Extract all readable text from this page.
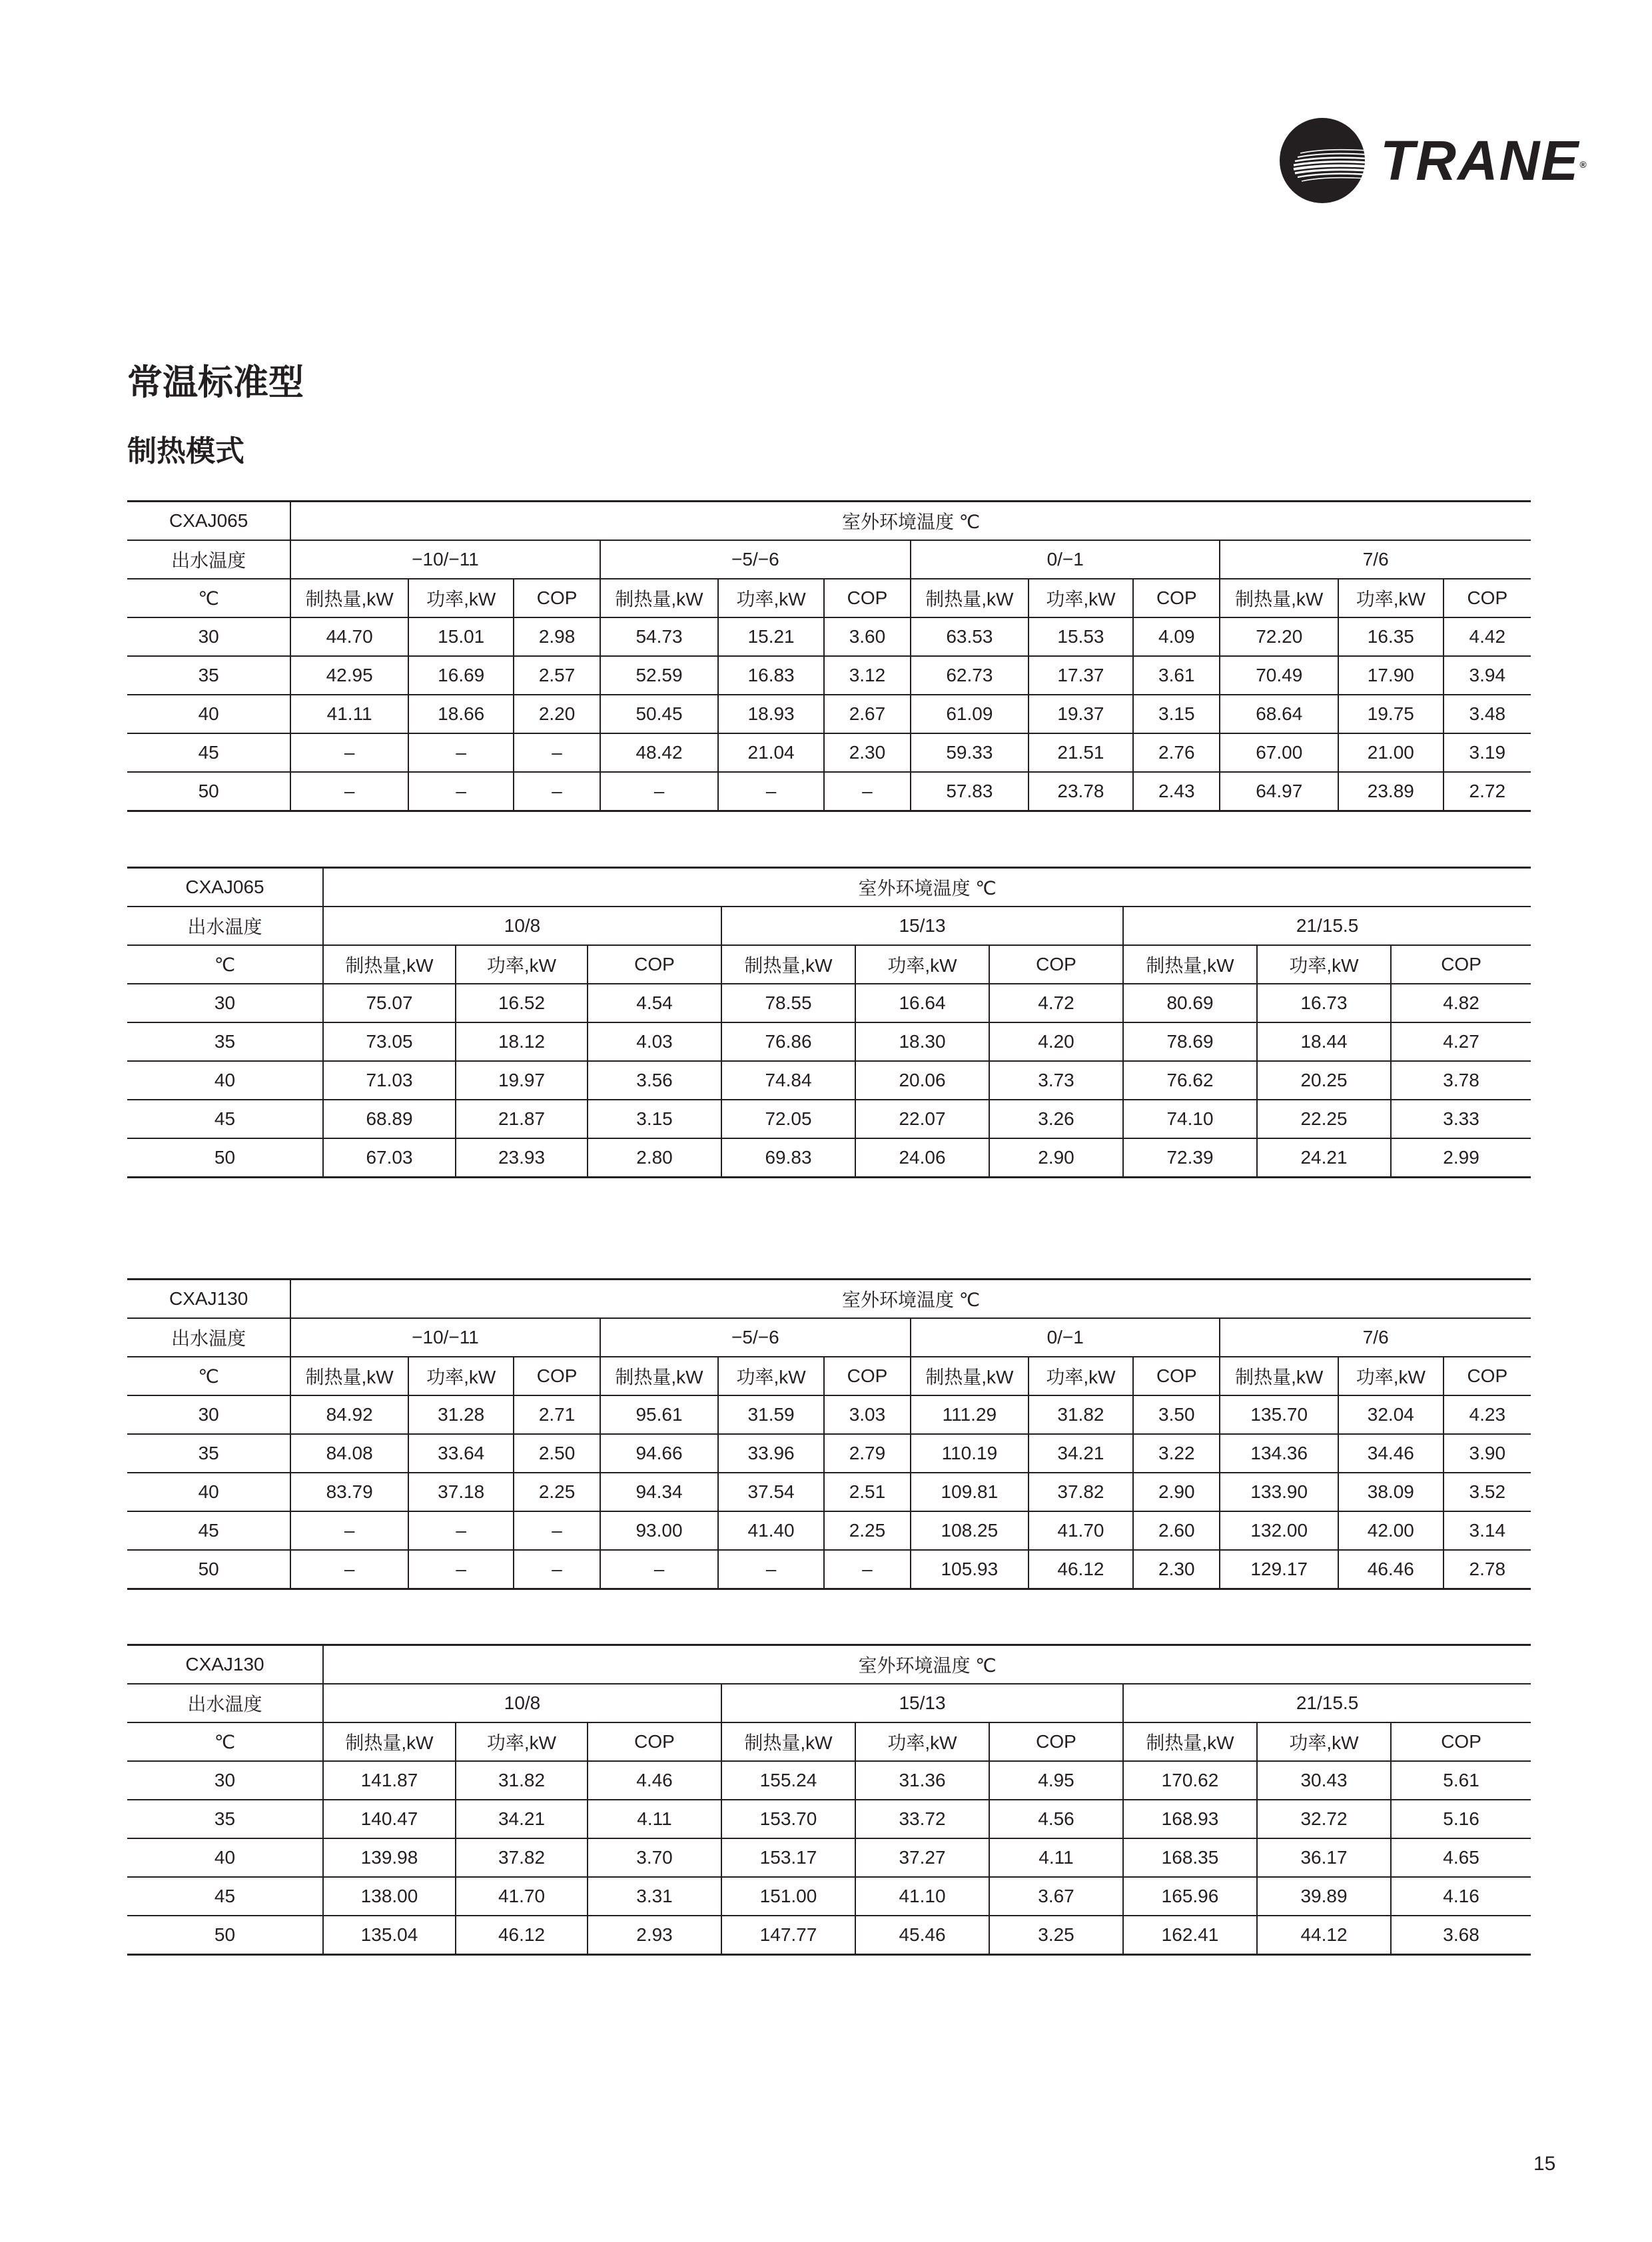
TRANE®
常温标准型
制热模式
CXAJ065	室外环境温度 ℃											
出水温度	−10/−11			−5/−6			0/−1			7/6		
℃	制热量,kW	功率,kW	COP	制热量,kW	功率,kW	COP	制热量,kW	功率,kW	COP	制热量,kW	功率,kW	COP
30	44.70	15.01	2.98	54.73	15.21	3.60	63.53	15.53	4.09	72.20	16.35	4.42
35	42.95	16.69	2.57	52.59	16.83	3.12	62.73	17.37	3.61	70.49	17.90	3.94
40	41.11	18.66	2.20	50.45	18.93	2.67	61.09	19.37	3.15	68.64	19.75	3.48
45	–	–	–	48.42	21.04	2.30	59.33	21.51	2.76	67.00	21.00	3.19
50	–	–	–	–	–	–	57.83	23.78	2.43	64.97	23.89	2.72
CXAJ065	室外环境温度 ℃								
出水温度	10/8			15/13			21/15.5		
℃	制热量,kW	功率,kW	COP	制热量,kW	功率,kW	COP	制热量,kW	功率,kW	COP
30	75.07	16.52	4.54	78.55	16.64	4.72	80.69	16.73	4.82
35	73.05	18.12	4.03	76.86	18.30	4.20	78.69	18.44	4.27
40	71.03	19.97	3.56	74.84	20.06	3.73	76.62	20.25	3.78
45	68.89	21.87	3.15	72.05	22.07	3.26	74.10	22.25	3.33
50	67.03	23.93	2.80	69.83	24.06	2.90	72.39	24.21	2.99
CXAJ130	室外环境温度 ℃											
出水温度	−10/−11			−5/−6			0/−1			7/6		
℃	制热量,kW	功率,kW	COP	制热量,kW	功率,kW	COP	制热量,kW	功率,kW	COP	制热量,kW	功率,kW	COP
30	84.92	31.28	2.71	95.61	31.59	3.03	111.29	31.82	3.50	135.70	32.04	4.23
35	84.08	33.64	2.50	94.66	33.96	2.79	110.19	34.21	3.22	134.36	34.46	3.90
40	83.79	37.18	2.25	94.34	37.54	2.51	109.81	37.82	2.90	133.90	38.09	3.52
45	–	–	–	93.00	41.40	2.25	108.25	41.70	2.60	132.00	42.00	3.14
50	–	–	–	–	–	–	105.93	46.12	2.30	129.17	46.46	2.78
CXAJ130	室外环境温度 ℃								
出水温度	10/8			15/13			21/15.5		
℃	制热量,kW	功率,kW	COP	制热量,kW	功率,kW	COP	制热量,kW	功率,kW	COP
30	141.87	31.82	4.46	155.24	31.36	4.95	170.62	30.43	5.61
35	140.47	34.21	4.11	153.70	33.72	4.56	168.93	32.72	5.16
40	139.98	37.82	3.70	153.17	37.27	4.11	168.35	36.17	4.65
45	138.00	41.70	3.31	151.00	41.10	3.67	165.96	39.89	4.16
50	135.04	46.12	2.93	147.77	45.46	3.25	162.41	44.12	3.68
15
